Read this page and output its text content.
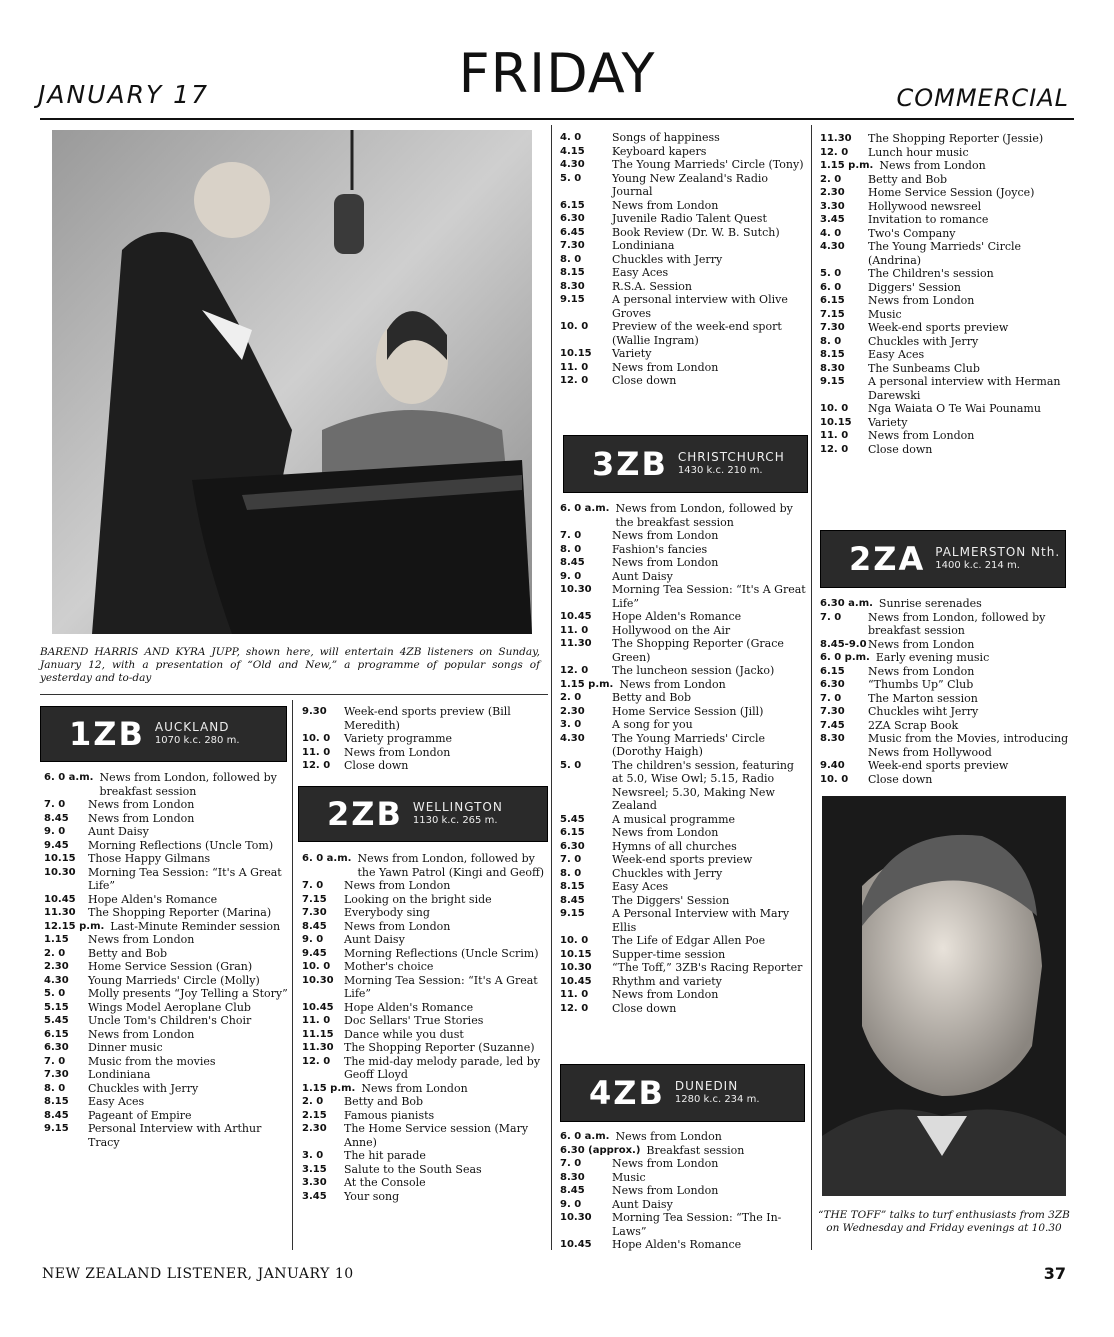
JANUARY 17	FRIDAY	COMMERCIAL
BAREND HARRIS AND KYRA JUPP, shown here, will entertain 4ZB listeners on Sunday, January 12, with a presentation of “Old and New,” a programme of popular songs of yesterday and to-day
1ZB AUCKLAND
1070 k.c. 280 m.
6. 0 a.m. News from London, followed by breakfast session
7. 0	News from London
8.45	News from London
9. 0	Aunt Daisy
9.45	Morning Reflections (Uncle Tom)
10.15	Those Happy Gilmans
10.30	Morning Tea Session: “It's A Great Life”
10.45	Hope Alden's Romance
11.30	The Shopping Reporter (Marina)
12.15 p.m. Last-Minute Reminder session
1.15	News from London
2. 0	Betty and Bob
2.30	Home Service Session (Gran)
4.30	Young Marrieds' Circle (Molly)
5. 0	Molly presents “Joy Telling a Story”
5.15	Wings Model Aeroplane Club
5.45	Uncle Tom's Children's Choir
6.15	News from London
6.30	Dinner music
7. 0	Music from the movies
7.30	Londiniana
8. 0	Chuckles with Jerry
8.15	Easy Aces
8.45	Pageant of Empire
9.15	Personal Interview with Arthur Tracy
9.30	Week-end sports preview (Bill Meredith)
10. 0	Variety programme
11. 0	News from London
12. 0	Close down
2ZB WELLINGTON
1130 k.c. 265 m.
6. 0 a.m. News from London, followed by the Yawn Patrol (Kingi and Geoff)
7. 0	News from London
7.15	Looking on the bright side
7.30	Everybody sing
8.45	News from London
9. 0	Aunt Daisy
9.45	Morning Reflections (Uncle Scrim)
10. 0	Mother's choice
10.30 Morning Tea Session: “It's A Great Life”
10.45 Hope Alden's Romance
11. 0	Doc Sellars' True Stories
11.15 Dance while you dust
11.30 The Shopping Reporter (Suzanne)
12. 0	The mid-day melody parade, led by Geoff Lloyd
1.15 p.m. News from London
2. 0	Betty and Bob
2.15	Famous pianists
2.30	The Home Service session (Mary Anne)
3. 0	The hit parade
3.15	Salute to the South Seas
3.30	At the Console
3.45	Your song
4. 0	Songs of happiness
4.15	Keyboard kapers
4.30	The Young Marrieds' Circle (Tony)
5. 0	Young New Zealand's Radio Journal
6.15	News from London
6.30	Juvenile Radio Talent Quest
6.45	Book Review (Dr. W. B. Sutch)
7.30	Londiniana
8. 0	Chuckles with Jerry
8.15	Easy Aces
8.30	R.S.A. Session
9.15	A personal interview with Olive Groves
10. 0	Preview of the week-end sport (Wallie Ingram)
10.15	Variety
11. 0	News from London
12. 0	Close down
3ZB CHRISTCHURCH
1430 k.c. 210 m.
6. 0 a.m. News from London, followed by the breakfast session
7. 0	News from London
8. 0	Fashion's fancies
8.45	News from London
9. 0	Aunt Daisy
10.30	Morning Tea Session: “It's A Great Life”
10.45	Hope Alden's Romance
11. 0	Hollywood on the Air
11.30	The Shopping Reporter (Grace Green)
12. 0	The luncheon session (Jacko)
1.15 p.m. News from London
2. 0	Betty and Bob
2.30	Home Service Session (Jill)
3. 0	A song for you
4.30	The Young Marrieds' Circle (Dorothy Haigh)
5. 0	The children's session, featuring at 5.0, Wise Owl; 5.15, Radio Newsreel; 5.30, Making New Zealand
5.45	A musical programme
6.15	News from London
6.30	Hymns of all churches
7. 0	Week-end sports preview
8. 0	Chuckles with Jerry
8.15	Easy Aces
8.45	The Diggers' Session
9.15	A Personal Interview with Mary Ellis
10. 0	The Life of Edgar Allen Poe
10.15	Supper-time session
10.30	“The Toff,” 3ZB's Racing Reporter
10.45	Rhythm and variety
11. 0	News from London
12. 0	Close down
4ZB DUNEDIN
1280 k.c. 234 m.
6. 0 a.m. News from London
6.30 (approx.) Breakfast session
7. 0	News from London
8.30	Music
8.45	News from London
9. 0	Aunt Daisy
10.30	Morning Tea Session: “The In-Laws”
10.45	Hope Alden's Romance
11.30	The Shopping Reporter (Jessie)
12. 0	Lunch hour music
1.15 p.m. News from London
2. 0	Betty and Bob
2.30	Home Service Session (Joyce)
3.30	Hollywood newsreel
3.45	Invitation to romance
4. 0	Two's Company
4.30	The Young Marrieds' Circle (Andrina)
5. 0	The Children's session
6. 0	Diggers' Session
6.15	News from London
7.15	Music
7.30	Week-end sports preview
8. 0	Chuckles with Jerry
8.15	Easy Aces
8.30	The Sunbeams Club
9.15	A personal interview with Herman Darewski
10. 0	Nga Waiata O Te Wai Pounamu
10.15	Variety
11. 0	News from London
12. 0	Close down
2ZA PALMERSTON Nth.
1400 k.c. 214 m.
6.30 a.m. Sunrise serenades
7. 0	News from London, followed by breakfast session
8.45-9.0 News from London
6. 0 p.m. Early evening music
6.15	News from London
6.30	“Thumbs Up” Club
7. 0	The Marton session
7.30	Chuckles wiht Jerry
7.45	2ZA Scrap Book
8.30	Music from the Movies, introducing News from Hollywood
9.40	Week-end sports preview
10. 0	Close down
“THE TOFF” talks to turf enthusiasts from 3ZB on Wednesday and Friday evenings at 10.30
NEW ZEALAND LISTENER, JANUARY 10	37
